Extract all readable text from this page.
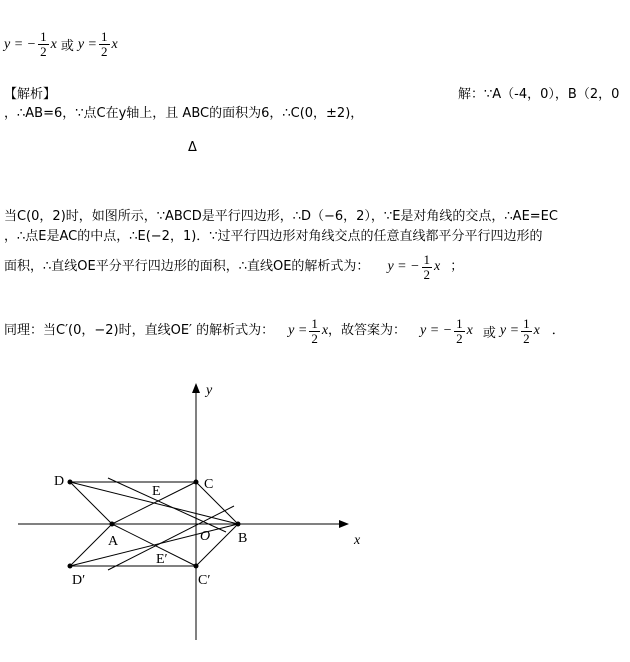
y = − $\frac{1}{2}$ x 或 $y = \frac{1}{2}$ x
【解析】	解：∵A（-4，0），B（2，0
，∴AB=6，∵点C在y轴上，且 ABC的面积为6，∴C(0，±2)，
Δ
当C(0，2)时，如图所示，∵ABCD是平行四边形，∴D（−6，2），∵E是对角线的交点，∴AE=EC
，∴点E是AC的中点，∴E(−2，1)．∵过平行四边形对角线交点的任意直线都平分平行四边形的
面积，∴直线OE平分平行四边形的面积，∴直线OE的解析式为： y = − $\frac{1}{2}$ x ；
同理：当C′(0，−2)时，直线OE′ 的解析式为： $y = \frac{1}{2}$ x ，故答案为： y = − $\frac{1}{2}$ x 或 $y = \frac{1}{2}$ x ．
y
x
D	C
E
A	O B
E′
D′	C′
